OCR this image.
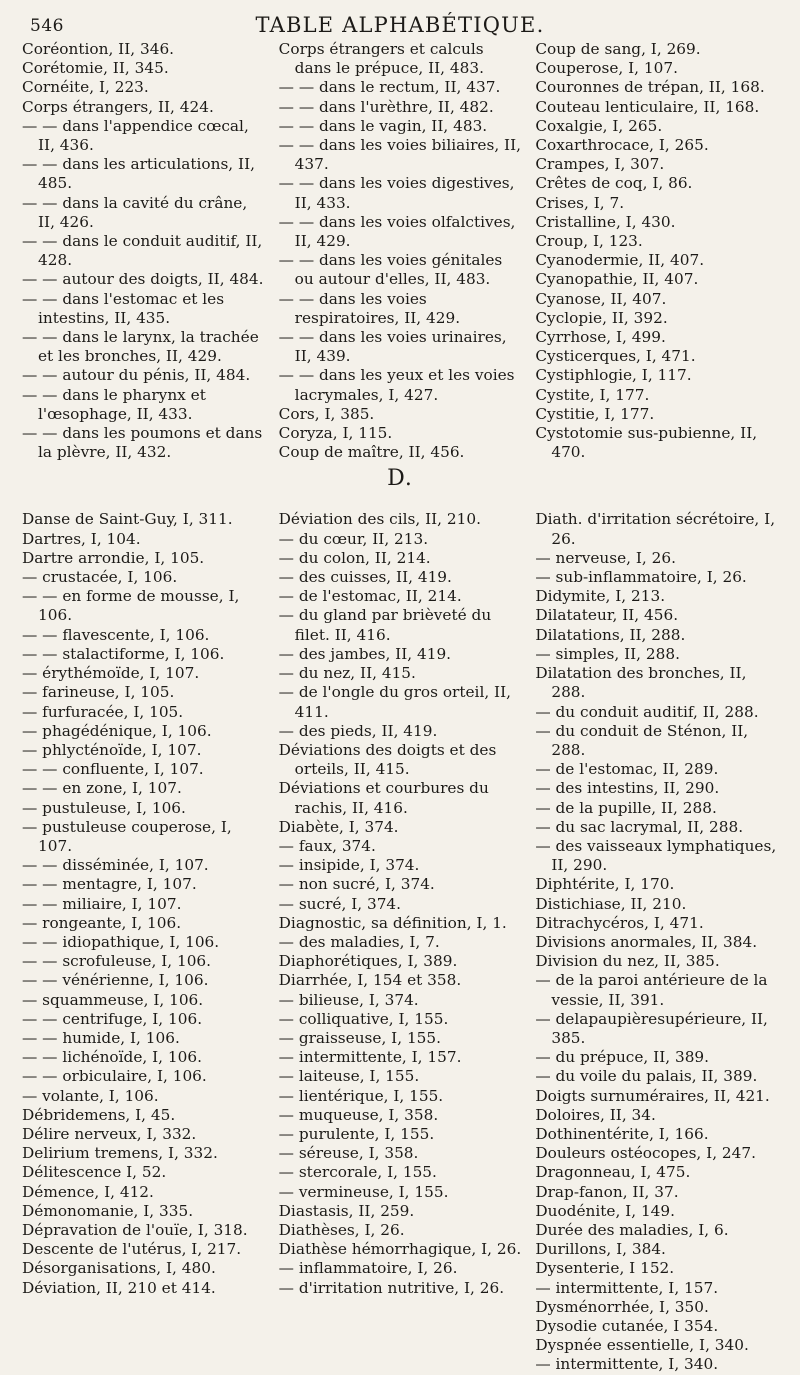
546	TABLE ALPHABÉTIQUE.
Coréontion, II, 346.
Corétomie, II, 345.
Cornéite, I, 223.
Corps étrangers, II, 424.
— — dans l'appendice cœcal, II, 436.
— — dans les articulations, II, 485.
— — dans la cavité du crâne, II, 426.
— — dans le conduit auditif, II, 428.
— — autour des doigts, II, 484.
— — dans l'estomac et les intestins, II, 435.
— — dans le larynx, la trachée et les bronches, II, 429.
— — autour du pénis, II, 484.
— — dans le pharynx et l'œsophage, II, 433.
— — dans les poumons et dans la plèvre, II, 432.
Corps étrangers et calculs dans le prépuce, II, 483.
— — dans le rectum, II, 437.
— — dans l'urèthre, II, 482.
— — dans le vagin, II, 483.
— — dans les voies biliaires, II, 437.
— — dans les voies digestives, II, 433.
— — dans les voies olfalctives, II, 429.
— — dans les voies génitales ou autour d'elles, II, 483.
— — dans les voies respiratoires, II, 429.
— — dans les voies urinaires, II, 439.
— — dans les yeux et les voies lacrymales, I, 427.
Cors, I, 385.
Coryza, I, 115.
Coup de maître, II, 456.
Coup de sang, I, 269.
Couperose, I, 107.
Couronnes de trépan, II, 168.
Couteau lenticulaire, II, 168.
Coxalgie, I, 265.
Coxarthrocace, I, 265.
Crampes, I, 307.
Crêtes de coq, I, 86.
Crises, I, 7.
Cristalline, I, 430.
Croup, I, 123.
Cyanodermie, II, 407.
Cyanopathie, II, 407.
Cyanose, II, 407.
Cyclopie, II, 392.
Cyrrhose, I, 499.
Cysticerques, I, 471.
Cystiphlogie, I, 117.
Cystite, I, 177.
Cystitie, I, 177.
Cystotomie sus-pubienne, II, 470.
D.
Danse de Saint-Guy, I, 311.
Dartres, I, 104.
Dartre arrondie, I, 105.
— crustacée, I, 106.
— — en forme de mousse, I, 106.
— — flavescente, I, 106.
— — stalactiforme, I, 106.
— érythémoïde, I, 107.
— farineuse, I, 105.
— furfuracée, I, 105.
— phagédénique, I, 106.
— phlycténoïde, I, 107.
— — confluente, I, 107.
— — en zone, I, 107.
— pustuleuse, I, 106.
— pustuleuse couperose, I, 107.
— — disséminée, I, 107.
— — mentagre, I, 107.
— — miliaire, I, 107.
— rongeante, I, 106.
— — idiopathique, I, 106.
— — scrofuleuse, I, 106.
— — vénérienne, I, 106.
— squammeuse, I, 106.
— — centrifuge, I, 106.
— — humide, I, 106.
— — lichénoïde, I, 106.
— — orbiculaire, I, 106.
— volante, I, 106.
Débridemens, I, 45.
Délire nerveux, I, 332.
Delirium tremens, I, 332.
Délitescence I, 52.
Démence, I, 412.
Démonomanie, I, 335.
Dépravation de l'ouïe, I, 318.
Descente de l'utérus, I, 217.
Désorganisations, I, 480.
Déviation, II, 210 et 414.
Déviation des cils, II, 210.
— du cœur, II, 213.
— du colon, II, 214.
— des cuisses, II, 419.
— de l'estomac, II, 214.
— du gland par brièveté du filet. II, 416.
— des jambes, II, 419.
— du nez, II, 415.
— de l'ongle du gros orteil, II, 411.
— des pieds, II, 419.
Déviations des doigts et des orteils, II, 415.
Déviations et courbures du rachis, II, 416.
Diabète, I, 374.
— faux, 374.
— insipide, I, 374.
— non sucré, I, 374.
— sucré, I, 374.
Diagnostic, sa définition, I, 1.
— des maladies, I, 7.
Diaphorétiques, I, 389.
Diarrhée, I, 154 et 358.
— bilieuse, I, 374.
— colliquative, I, 155.
— graisseuse, I, 155.
— intermittente, I, 157.
— laiteuse, I, 155.
— lientérique, I, 155.
— muqueuse, I, 358.
— purulente, I, 155.
— séreuse, I, 358.
— stercorale, I, 155.
— vermineuse, I, 155.
Diastasis, II, 259.
Diathèses, I, 26.
Diathèse hémorrhagique, I, 26.
— inflammatoire, I, 26.
— d'irritation nutritive, I, 26.
Diath. d'irritation sécrétoire, I, 26.
— nerveuse, I, 26.
— sub-inflammatoire, I, 26.
Didymite, I, 213.
Dilatateur, II, 456.
Dilatations, II, 288.
— simples, II, 288.
Dilatation des bronches, II, 288.
— du conduit auditif, II, 288.
— du conduit de Sténon, II, 288.
— de l'estomac, II, 289.
— des intestins, II, 290.
— de la pupille, II, 288.
— du sac lacrymal, II, 288.
— des vaisseaux lymphatiques, II, 290.
Diphtérite, I, 170.
Distichiase, II, 210.
Ditrachycéros, I, 471.
Divisions anormales, II, 384.
Division du nez, II, 385.
— de la paroi antérieure de la vessie, II, 391.
— delapaupièresupérieure, II, 385.
— du prépuce, II, 389.
— du voile du palais, II, 389.
Doigts surnuméraires, II, 421.
Doloires, II, 34.
Dothinentérite, I, 166.
Douleurs ostéocopes, I, 247.
Dragonneau, I, 475.
Drap-fanon, II, 37.
Duodénite, I, 149.
Durée des maladies, I, 6.
Durillons, I, 384.
Dysenterie, I 152.
— intermittente, I, 157.
Dysménorrhée, I, 350.
Dysodie cutanée, I 354.
Dyspnée essentielle, I, 340.
— intermittente, I, 340.
